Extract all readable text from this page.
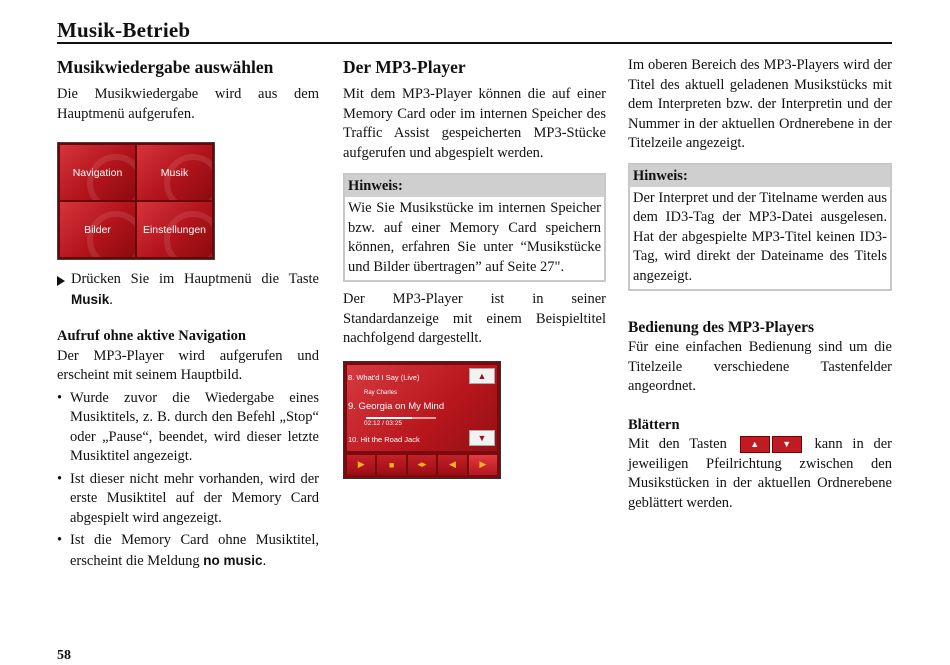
Musik-Betrieb
Musikwiedergabe auswählen

Die Musikwiedergabe wird aus dem Hauptmenü aufgerufen.

Navigation	Musik
Bilder	Einstellungen

Drücken Sie im Hauptmenü die Taste Musik.

Aufruf ohne aktive Navigation

Der MP3-Player wird aufgerufen und erscheint mit seinem Hauptbild.

• Wurde zuvor die Wiedergabe eines Musiktitels, z. B. durch den Befehl „Stop“ oder „Pause“, beendet, wird dieser letzte Musiktitel angezeigt.
• Ist dieser nicht mehr vorhanden, wird der erste Musiktitel auf der Memory Card abgespielt wird angezeigt.
• Ist die Memory Card ohne Musiktitel, erscheint die Meldung no music.
Der MP3-Player

Mit dem MP3-Player können die auf einer Memory Card oder im internen Speicher des Traffic Assist gespeicherten MP3-Stücke aufgerufen und abgespielt werden.

Hinweis:

Wie Sie Musikstücke im internen Speicher bzw. auf einer Memory Card speichern können, erfahren Sie unter “Musikstücke und Bilder übertragen” auf Seite 27".

Der MP3-Player ist in seiner Standardanzeige mit einem Beispieltitel nachfolgend dargestellt.

8. What'd I Say (Live)	▲
Ray Charles
9. Georgia on My Mind
02:12 / 03:25
10. Hit the Road Jack	▼
▶	■	◂▸	◀	▶

Im oberen Bereich des MP3-Players wird der Titel des aktuell geladenen Musikstücks mit dem Interpreten bzw. der Interpretin und der Nummer in der aktuellen Ordnerebene in der Titelzeile angezeigt.

Hinweis:

Der Interpret und der Titelname werden aus dem ID3-Tag der MP3-Datei ausgelesen. Hat der abgespielte MP3-Titel keinen ID3-Tag, wird direkt der Dateiname des Titels angezeigt.

Bedienung des MP3-Players

Für eine einfachen Bedienung sind um die Titelzeile verschiedene Tastenfelder angeordnet.

Blättern

Mit den Tasten	▲	▼	kann in der jeweiligen Pfeilrichtung zwischen den Musikstücken in der aktuellen Ordnerebene geblättert werden.

58
